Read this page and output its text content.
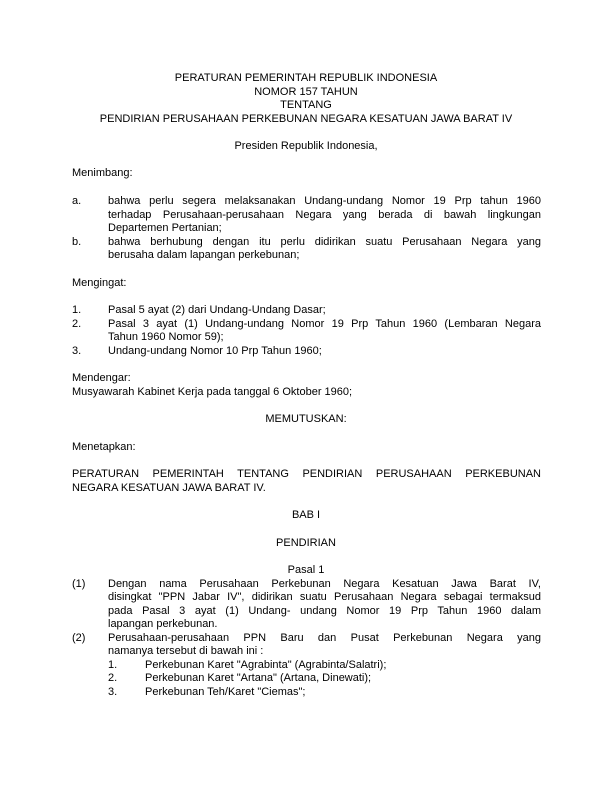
PERATURAN PEMERINTAH REPUBLIK INDONESIA
NOMOR 157 TAHUN
TENTANG
PENDIRIAN PERUSAHAAN PERKEBUNAN NEGARA KESATUAN JAWA BARAT IV
Presiden Republik Indonesia,
Menimbang:
a. bahwa perlu segera melaksanakan Undang-undang Nomor 19 Prp tahun 1960
terhadap Perusahaan-perusahaan Negara yang berada di bawah lingkungan
Departemen Pertanian;
b. bahwa berhubung dengan itu perlu didirikan suatu Perusahaan Negara yang
berusaha dalam lapangan perkebunan;
Mengingat:
1. Pasal 5 ayat (2) dari Undang-Undang Dasar;
2. Pasal 3 ayat (1) Undang-undang Nomor 19 Prp Tahun 1960 (Lembaran Negara
Tahun 1960 Nomor 59);
3. Undang-undang Nomor 10 Prp Tahun 1960;
Mendengar:
Musyawarah Kabinet Kerja pada tanggal 6 Oktober 1960;
MEMUTUSKAN:
Menetapkan:
PERATURAN PEMERINTAH TENTANG PENDIRIAN PERUSAHAAN PERKEBUNAN
NEGARA KESATUAN JAWA BARAT IV.
BAB I
PENDIRIAN
Pasal 1
(1) Dengan nama Perusahaan Perkebunan Negara Kesatuan Jawa Barat IV,
disingkat "PPN Jabar IV", didirikan suatu Perusahaan Negara sebagai termaksud
pada Pasal 3 ayat (1) Undang- undang Nomor 19 Prp Tahun 1960 dalam
lapangan perkebunan.
(2) Perusahaan-perusahaan PPN Baru dan Pusat Perkebunan Negara yang
namanya tersebut di bawah ini :
1.	Perkebunan Karet "Agrabinta" (Agrabinta/Salatri);
2.	Perkebunan Karet "Artana" (Artana, Dinewati);
3.	Perkebunan Teh/Karet "Ciemas";
